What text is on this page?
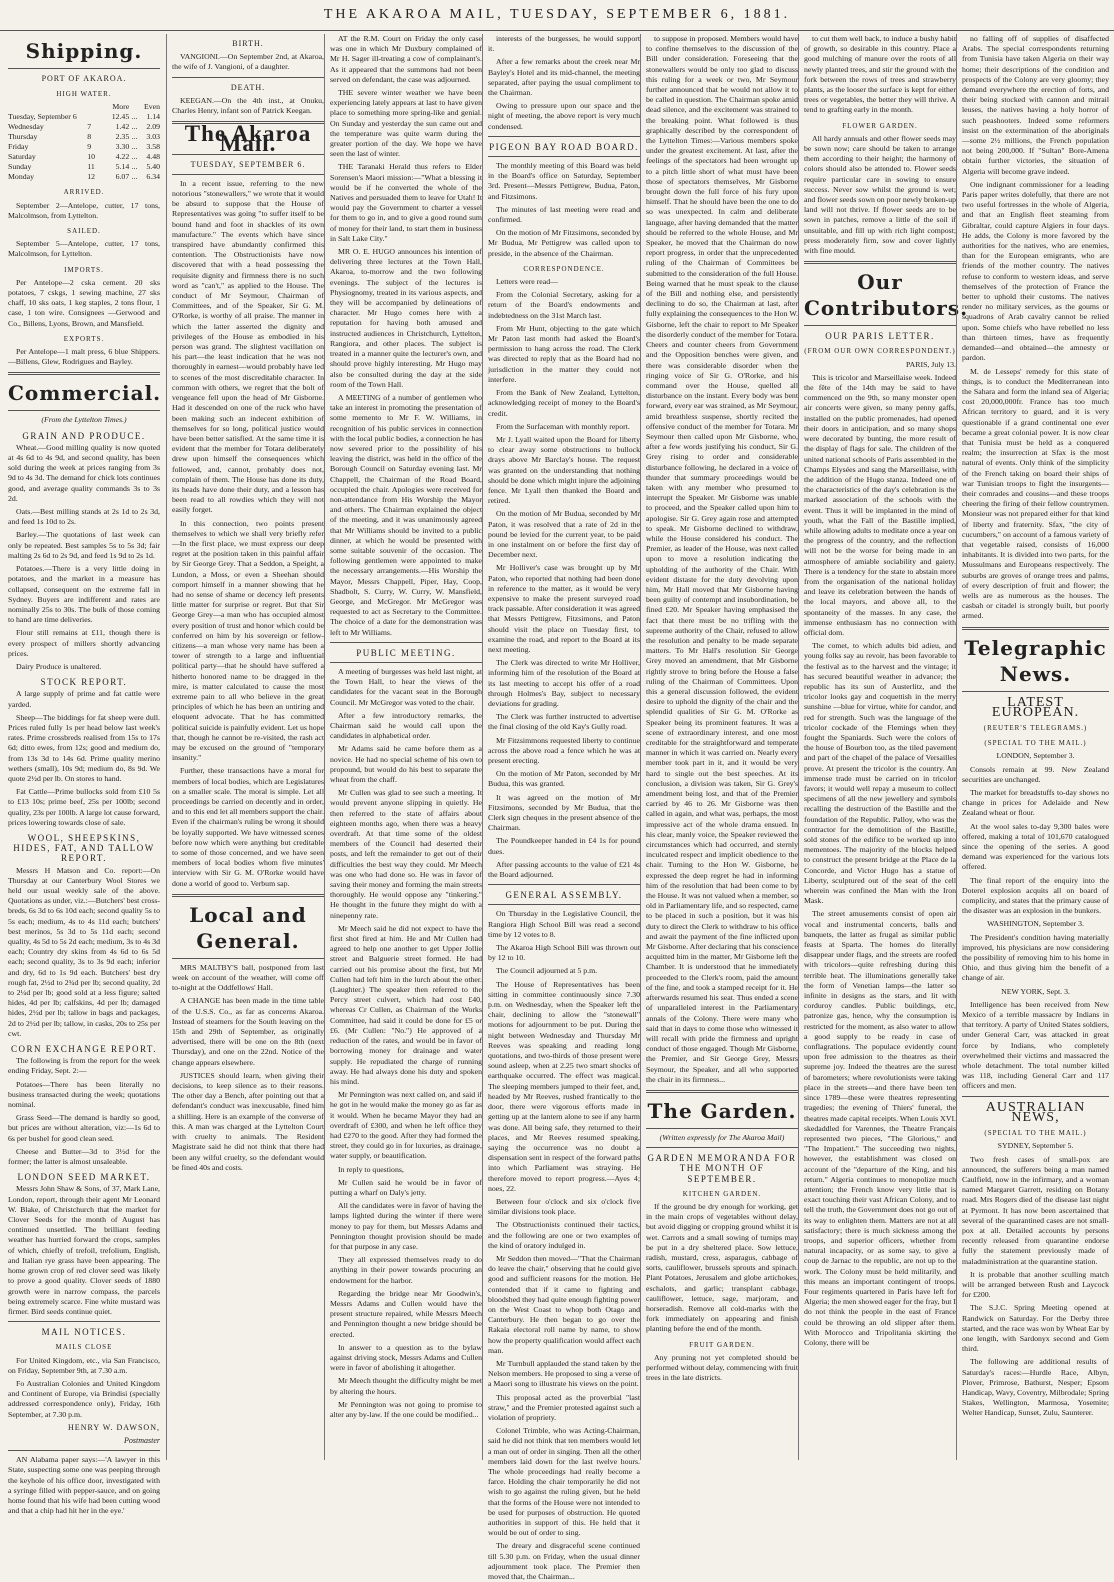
THE AKAROA MAIL, TUESDAY, SEPTEMBER 6, 1881.
Shipping.
PORT OF AKAROA.
HIGH WATER.
		More		Even
Tuesday, September 6		12.45	...	1.14
Wednesday	7	1.42	...	2.09
Thursday	8	2.35	...	3.03
Friday	9	3.30	...	3.58
Saturday	10	4.22	...	4.48
Sunday	11	5.14	...	5.40
Monday	12	6.07	...	6.34
ARRIVED.

September 2—Antelope, cutter, 17 tons, Malcolmson, from Lyttelton.

SAILED.

September 5—Antelope, cutter, 17 tons, Malcolmson, for Lyttelton.

IMPORTS.

Per Antelope—2 cska cement. 20 sks potatoes, 7 cskgs, 1 sewing machine, 27 sks chaff, 10 sks oats, 1 keg staples, 2 tons flour, 1 case, 1 ton wire. Consignees —Gerwood and Co., Billens, Lyons, Brown, and Mansfield.

EXPORTS.

Per Antelope—1 malt press, 6 blue Shippers.—Billens, Glew, Rodrigues and Bayley.

Commercial.
(From the Lyttelton Times.)
GRAIN AND PRODUCE.

Wheat.—Good milling quality is now quoted at 4s 6d to 4s 9d, and second quality, has been sold during the week at prices ranging from 3s 9d to 4s 3d. The demand for chick lots continues good, and average quality commands 3s to 3s 2d.

Oats.—Best milling stands at 2s 1d to 2s 3d, and feed 1s 10d to 2s.

Barley.—The quotations of last week can only be repeated. Best samples 5s to 5s 3d; fair malting 2s 6d to 2s 9d, and feed 1s 9d to 2s 1d.

Potatoes.—There is a very little doing in potatoes, and the market in a measure has collapsed, consequent on the extreme fall in Sydney. Buyers are indifferent and rates are nominally 25s to 30s. The bulk of those coming to hand are time deliveries.

Flour still remains at £11, though there is every prospect of millers shortly advancing prices.

Dairy Produce is unaltered.

STOCK REPORT.

A large supply of prime and fat cattle were yarded.

Sheep—The biddings for fat sheep were dull. Prices ruled fully 1s per head below last week's rates. Prime crossbreds realised from 15s to 17s 6d; ditto ewes, from 12s; good and medium do, from 13s 3d to 14s 6d. Prime quality merino wethers (small), 10s 9d; medium do, 8s 9d. We quote 2½d per lb. On stores to hand.

Fat Cattle—Prime bullocks sold from £10 5s to £13 10s; prime beef, 25s per 100lb; second quality, 23s per 100lb. A large lot cause forward, prices lowering towards close of sale.

WOOL, SHEEPSKINS, HIDES, FAT, AND TALLOW REPORT.

Messrs H Matson and Co. report:—On Thursday at our Canterbury Wool Stores we held our usual weekly sale of the above. Quotations as under, viz.:—Butchers' best cross-breds, 6s 3d to 6s 10d each; second quality 5s to 5s each; medium, 4s to 4s 11d each; butchers' best merinos, 5s 3d to 5s 11d each; second quality, 4s 5d to 5s 2d each; medium, 3s to 4s 3d each; Country dry skins from 4s 6d to 6s 5d each; second quality, 3s to 3s 9d each; inferior and dry, 6d to 1s 9d each. Butchers' best dry rough fat, 2½d to 2¾d per lb; second quality, 2d to 2¼d per lb; good sold at a less figure; salted hides, 4d per lb; calfskins, 4d per lb; damaged hides, 2½d per lb; tallow in bags and packages, 2d to 2½d per lb; tallow, in casks, 20s to 25s per cwt.

CORN EXCHANGE REPORT.

The following is from the report for the week ending Friday, Sept. 2:—

Potatoes—There has been literally no business transacted during the week; quotations nominal.

Grass Seed—The demand is hardly so good, but prices are without alteration, viz:—1s 6d to 6s per bushel for good clean seed.

Cheese and Butter—3d to 3½d for the former; the latter is almost unsaleable.

LONDON SEED MARKET.

Messrs John Shaw & Sons, of 37, Mark Lane, London, report, through their agent Mr Leonard W. Blake, of Christchurch that the market for Clover Seeds for the month of August has continued unsettled. The brilliant feeding weather has hurried forward the crops, samples of which, chiefly of trefoil, trefolium, English, and Italian rye grass have been appearing. The home grown crop of red clover seed was likely to prove a good quality. Clover seeds of 1880 growth were in narrow compass, the parcels being extremely scarce. Fine white mustard was firmer. Bird seeds continue quiet.

MAIL NOTICES.
MAILS CLOSE

For United Kingdom, etc., via San Francisco, on Friday, September 9th, at 7.30 a.m.

Fo Australian Colonies and United Kingdom and Continent of Europe, via Brindisi (specially addressed correspondence only), Friday, 16th September, at 7.30 p.m.

HENRY W. DAWSON,
Postmaster

AN Alabama paper says:—'A lawyer in this State, suspecting some one was peeping through the keyhole of his office door, investigated with a syringe filled with pepper-sauce, and on going home found that his wife had been cutting wood and that a chip had hit her in the eye.'

BIRTH.

VANGIONI.—On September 2nd, at Akaroa, the wife of J. Vangioni, of a daughter.

DEATH.

KEEGAN.—On the 4th inst., at Onuku, Charles Henry, infant son of Patrick Keegan.

The Akaroa Mail.
TUESDAY, SEPTEMBER 6.

In a recent issue, referring to the new notorious "stonewallers," we wrote that it would be absurd to suppose that the House of Representatives was going "to suffer itself to be bound hand and foot in shackles of its own manufacture." The events which have since transpired have abundantly confirmed this contention. The Obstructionists have now discovered that with a head possessing the requisite dignity and firmness there is no such word as "can't," as applied to the House. The conduct of Mr Seymour, Chairman of Committees, and of the Speaker, Sir G. M. O'Rorke, is worthy of all praise. The manner in which the latter asserted the dignity and privileges of the House as embodied in his person was grand. The slightest vacillation on his part—the least indication that he was not thoroughly in earnest—would probably have led to scenes of the most discreditable character. In common with others, we regret that the bolt of vengeance fell upon the head of Mr Gisborne. Had it descended on one of the ruck who have been making such an indecent exhibition of themselves for so long, political justice would have been better satisfied. At the same time it is evident that the member for Totara deliberately drew upon himself the consequences which followed, and, cannot, probably does not, complain of them. The House has done its duty, its heads have done their duty, and a lesson has been read to all rowdies which they will not easily forget.

In this connection, two points present themselves to which we shall very briefly refer—In the first place, we must express our deep regret at the position taken in this painful affair by Sir George Grey. That a Seddon, a Speight, a Lundon, a Moss, or even a Sheehan should comport himself in a manner showing that he had no sense of shame or decency left presents little matter for surprise or regret. But that Sir George Grey—a man who has occupied almost every position of trust and honor which could be conferred on him by his sovereign or fellow-citizens—a man whose very name has been a tower of strength to a large and influential political party—that he should have suffered a hitherto honored name to be dragged in the mire, is matter calculated to cause the most extreme pain to all who believe in the great principles of which he has been an untiring and eloquent advocate. That he has committed political suicide is painfully evident. Let us hope that, though he cannot be re-visited, the rash act may be excused on the ground of "temporary insanity."

Further, these transactions have a moral for members of local bodies, which are Legislatures on a smaller scale. The moral is simple. Let all proceedings be carried on decently and in order, and to this end let all members support the chair. Even if the chairman's ruling be wrong it should be loyally supported. We have witnessed scenes before now which were anything but creditable to some of those concerned, and we have seen members of local bodies whom five minutes' interview with Sir G. M. O'Rorke would have done a world of good to. Verbum sap.

Local and General.

MRS MALTBY'S ball, postponed from last week on account of the weather, will come off to-night at the Oddfellows' Hall.

A CHANGE has been made in the time table of the U.S.S. Co., as far as concerns Akaroa. Instead of steamers for the South leaving on the 15th and 29th of September, as originally advertised, there will be one on the 8th (next Thursday), and one on the 22nd. Notice of the change appears elsewhere.

JUSTICES should learn, when giving their decisions, to keep silence as to their reasons. The other day a Bench, after pointing out that a defendant's conduct was inexcusable, fined him a shilling. Here is an example of the converse of this. A man was charged at the Lyttelton Court with cruelty to animals. The Resident Magistrate said he did not think that there had been any wilful cruelty, so the defendant would be fined 40s and costs.

AT the R.M. Court on Friday the only case was one in which Mr Duxbury complained of Mr H. Sager ill-treating a cow of complainant's. As it appeared that the summons had not been served on defendant, the case was adjourned.

THE severe winter weather we have been experiencing lately appears at last to have given place to something more spring-like and genial. On Sunday and yesterday the sun came out and the temperature was quite warm during the greater portion of the day. We hope we have seen the last of winter.

THE Taranaki Herald thus refers to Elder Sorensen's Maori mission:—"What a blessing it would be if he converted the whole of the Natives and persuaded them to leave for Utah! It would pay the Government to charter a vessel for them to go in, and to give a good round sum of money for their land, to start them in business in Salt Lake City."

MR O. E. HUGO announces his intention of delivering three lectures at the Town Hall, Akaroa, to-morrow and the two following evenings. The subject of the lectures is Physiognomy, treated in its various aspects, and they will be accompanied by delineations of character. Mr Hugo comes here with a reputation for having both amused and instructed audiences in Christchurch, Lyttelton, Rangiora, and other places. The subject is treated in a manner quite the lecturer's own, and should prove highly interesting. Mr Hugo may also be consulted during the day at the side room of the Town Hall.

A MEETING of a number of gentlemen who take an interest in promoting the presentation of some memento to Mr F. W. Williams, in recognition of his public services in connection with the local public bodies, a connection he has now severed prior to the possibility of his leaving the district, was held in the office of the Borough Council on Saturday evening last. Mr Chappell, the Chairman of the Road Board, occupied the chair. Apologies were received for non-attendance from His Worship the Mayor and others. The Chairman explained the object of the meeting, and it was unanimously agreed that Mr Williams should be invited to a public dinner, at which he would be presented with some suitable souvenir of the occasion. The following gentlemen were appointed to make the necessary arrangements.—His Worship the Mayor, Messrs Chappell, Piper, Hay, Coop, Shadbolt, S. Curry, W. Curry, W. Mansfield, George, and McGregor. Mr McGregor was requested to act as Secretary to the Committee. The choice of a date for the demonstration was left to Mr Williams.

PUBLIC MEETING.

A meeting of burgesses was held last night, at the Town Hall, to hear the views of the candidates for the vacant seat in the Borough Council. Mr McGregor was voted to the chair.

After a few introductory remarks, the Chairman said he would call upon the candidates in alphabetical order.

Mr Adams said he came before them as a novice. He had no special scheme of his own to propound, but would do his best to separate the wheat from the chaff.

Mr Cullen was glad to see such a meeting. It would prevent anyone slipping in quietly. He then referred to the state of affairs about eighteen months ago, when there was a heavy overdraft. At that time some of the oldest members of the Council had deserted their posts, and left the remainder to get out of their difficulties the best way they could. Mr Meech was one who had done so. He was in favor of saving their money and forming the main streets thoroughly. He would oppose any "tinkering." He thought in the future they might do with a ninepenny rate.

Mr Meech said he did not expect to have the first shot fired at him. He and Mr Cullen had agreed to help one another to get Upper Jollie street and Balguerie street formed. He had carried out his promise about the first, but Mr Cullen had left him in the lurch about the other. (Laughter.) The speaker then referred to the Percy street culvert, which had cost £40, whereas Cr Cullen, as Chairman of the Works Committee, had said it could be done for £5 or £6. (Mr Cullen: "No.") He approved of a reduction of the rates, and would be in favor of borrowing money for drainage and water supply. He repudiated the charge of running away. He had always done his duty and spoken his mind.

Mr Pennington was next called on, and said if he got in he would make the money go as far as it would. When he became Mayor they had an overdraft of £300, and when he left office they had £270 to the good. After they had formed the street, they could go in for luxuries, as drainage, water supply, or beautification.

In reply to questions,

Mr Cullen said he would be in favor of putting a wharf on Daly's jetty.

All the candidates were in favor of having the lamps lighted during the winter if there were money to pay for them, but Messrs Adams and Pennington thought provision should be made for that purpose in any case.

They all expressed themselves ready to do anything in their power towards procuring an endowment for the harbor.

Regarding the bridge near Mr Goodwin's, Messrs Adams and Cullen would have the present structure repaired, while Messrs Meech and Pennington thought a new bridge should be erected.

In answer to a question as to the bylaw against driving stock, Messrs Adams and Cullen were in favor of abolishing it altogether.

Mr Meech thought the difficulty might be met by altering the hours.

Mr Pennington was not going to promise to alter any by-law. If the one could be modified...

interests of the burgesses, he would support it.

After a few remarks about the creek near Mr Bayley's Hotel and its mid-channel, the meeting separated, after paying the usual compliment to the Chairman.

Owing to pressure upon our space and the night of meeting, the above report is very much condensed.

PIGEON BAY ROAD BOARD.

The monthly meeting of this Board was held in the Board's office on Saturday, September 3rd. Present—Messrs Pettigrew, Budua, Paton, and Fitzsimons.

The minutes of last meeting were read and confirmed.

On the motion of Mr Fitzsimons, seconded by Mr Budua, Mr Pettigrew was called upon to preside, in the absence of the Chairman.

CORRESPONDENCE.

Letters were read—

From the Colonial Secretary, asking for a return of the Board's endowments and indebtedness on the 31st March last.

From Mr Hunt, objecting to the gate which Mr Paton last month had asked the Board's permission to hang across the road. The Clerk was directed to reply that as the Board had no jurisdiction in the matter they could not interfere.

From the Bank of New Zealand, Lyttelton, acknowledging receipt of money to the Board's credit.

From the Surfaceman with monthly report.

Mr J. Lyall waited upon the Board for liberty to clear away some obstructions to bullock drays above Mr Barclay's house. The request was granted on the understanding that nothing should be done which might injure the adjoining fence. Mr Lyall then thanked the Board and retired.

On the motion of Mr Budua, seconded by Mr Paton, it was resolved that a rate of 2d in the pound be levied for the current year, to be paid in one instalment on or before the first day of December next.

Mr Holliver's case was brought up by Mr Paton, who reported that nothing had been done in reference to the matter, as it would be very expensive to make the present surveyed road track passable. After consideration it was agreed that Messrs Pettigrew, Fitzsimons, and Paton should visit the place on Tuesday first, to examine the road, and report to the Board at its next meeting.

The Clerk was directed to write Mr Holliver, informing him of the resolution of the Board at its last meeting to accept his offer of a road through Holmes's Bay, subject to necessary deviations for grading.

The Clerk was further instructed to advertise the final closing of the old Kay's Gully road.

Mr Fitzsimmons requested liberty to continue across the above road a fence which he was at present erecting.

On the motion of Mr Paton, seconded by Mr Budua, this was granted.

It was agreed on the motion of Mr Fitzsimons, seconded by Mr Budua, that the Clerk sign cheques in the present absence of the Chairman.

The Poundkeeper handed in £4 1s for pound dues.

After passing accounts to the value of £21 4s the Board adjourned.

GENERAL ASSEMBLY.

On Thursday in the Legislative Council, the Rangiora High School Bill was read a second time by 12 votes to 8.

The Akaroa High School Bill was thrown out by 12 to 10.

The Council adjourned at 5 p.m.

The House of Representatives has been sitting in committee continuously since 7.30 p.m. on Wednesday, when the Speaker left the chair, declining to allow the "stonewall" motions for adjournment to be put. During the night between Wednesday and Thursday Mr Reeves was speaking and reading long quotations, and two-thirds of those present were sound asleep, when at 2.25 two smart shocks of earthquake occurred. The effect was magical. The sleeping members jumped to their feet, and, headed by Mr Reeves, rushed frantically to the door, there were vigorous efforts made in getting up at the lantern alone to see if any harm was done. All being safe, they returned to their places, and Mr Reeves resumed speaking, saying the occurrence was no doubt a dispensation sent in respect of the forward paths into which Parliament was straying. He therefore moved to report progress.—Ayes 4; noes, 22.

Between four o'clock and six o'clock five similar divisions took place.

The Obstructionists continued their tactics, and the following are one or two examples of the kind of oratory indulged in.

Mr Seddon then moved—"That the Chairman do leave the chair," observing that he could give good and sufficient reasons for the motion. He contended that if it came to fighting and bloodshed they had quite enough fighting power on the West Coast to whop both Otago and Canterbury. He then began to go over the Rakaia electoral roll name by name, to show how the property qualification would affect each man.

Mr Turnbull applauded the stand taken by the Nelson members. He proposed to sing a verse of a Maori song to illustrate his views on the point.

This proposal acted as the proverbial "last straw," and the Premier protested against such a violation of propriety.

Colonel Trimble, who was Acting-Chairman, said he did not think that ten members would let a man out of order in singing. Then all the other members laid down for the last twelve hours. The whole proceedings had really become a farce. Holding the chair temporarily he did not wish to go against the ruling given, but he held that the forms of the House were not intended to be used for purposes of obstruction. He quoted authorities in support of this. He held that it would be out of order to sing.

The dreary and disgraceful scene continued till 5.30 p.m. on Friday, when the usual dinner adjournment took place. The Premier then moved that, the Chairman...

to suppose in proposed. Members would have to confine themselves to the discussion of the Bill under consideration. Foreseeing that the stonewallers would be only too glad to discuss this ruling for a week or two, Mr Seymour further announced that he would not allow it to be called in question. The Chairman spoke amid dead silence, and the excitement was strained to the breaking point. What followed is thus graphically described by the correspondent of the Lyttelton Times:—Various members spoke under the greatest excitement. At last, after the feelings of the spectators had been wrought up to a pitch little short of what must have been those of spectators themselves, Mr Gisborne brought down the full force of his fury upon himself. That he should have been the one to do so was unexpected. In calm and deliberate language, after having demanded that the matter should be referred to the whole House, and Mr Speaker, he moved that the Chairman do now report progress, in order that the unprecedented ruling of the Chairman of Committees be submitted to the consideration of the full House. Being warned that he must speak to the clause of the Bill and nothing else, and persistently declining to do so, the Chairman at last, after fully explaining the consequences to the Hon W. Gisborne, left the chair to report to Mr Speaker the disorderly conduct of the member for Totara. Cheers and counter cheers from Government and the Opposition benches were given, and there was considerable disorder when the ringing voice of Sir G. O'Rorke, and his command over the House, quelled all disturbance on the instant. Every body was bent forward, every ear was strained, as Mr Seymour, amid breathless suspense, shortly recited the offensive conduct of the member for Totara. Mr Seymour then called upon Mr Gisborne, who, after a few words justifying his conduct, Sir G. Grey rising to order and considerable disturbance following, he declared in a voice of thunder that summary proceedings would be taken with any member who presumed to interrupt the Speaker. Mr Gisborne was unable to proceed, and the Speaker called upon him to apologise. Sir G. Grey again rose and attempted to speak. Mr Gisborne declined to withdraw, while the House considered his conduct. The Premier, as leader of the House, was next called upon to move a resolution indicating the upholding of the authority of the Chair. With evident distaste for the duty devolving upon him, Mr Hall moved that Mr Gisborne having been guilty of contempt and insubordination, be fined £20. Mr Speaker having emphasised the fact that there must be no trifling with the supreme authority of the Chair, refused to allow the resolution and penalty to be made separate matters. To Mr Hall's resolution Sir George Grey moved an amendment, that Mr Gisborne rightly strove to bring before the House a false ruling of the Chairman of Committees. Upon this a general discussion followed, the evident desire to uphold the dignity of the chair and the splendid qualities of Sir G. M. O'Rorke as Speaker being its prominent features. It was a scene of extraordinary interest, and one most creditable for the straightforward and temperate manner in which it was carried on. Nearly every member took part in it, and it would be very hard to single out the best speeches. At its conclusion, a division was taken, Sir G. Grey's amendment being lost, and that of the Premier carried by 46 to 26. Mr Gisborne was then called in again, and what was, perhaps, the most impressive act of the whole drama ensued. In his clear, manly voice, the Speaker reviewed the circumstances which had occurred, and sternly inculcated respect and implicit obedience to the chair. Turning to the Hon W. Gisborne, he expressed the deep regret he had in informing him of the resolution that had been come to by the House. It was not valued when a member, so old in Parliamentary life, and so respected, came to be placed in such a position, but it was his duty to direct the Clerk to withdraw to his office and await the payment of the fine inflicted upon Mr Gisborne. After declaring that his conscience acquitted him in the matter, Mr Gisborne left the Chamber. It is understood that he immediately proceeded to the Clerk's room, paid the amount of the fine, and took a stamped receipt for it. He afterwards resumed his seat. Thus ended a scene of unparalleled interest in the Parliamentary annals of the Colony. There were many who said that in days to come those who witnessed it will recall with pride the firmness and upright conduct of those engaged. Though Mr Gisborne, the Premier, and Sir George Grey, Messrs Seymour, the Speaker, and all who supported the chair in its firmness...

The Garden.
(Written expressly for The Akaroa Mail)
GARDEN MEMORANDA FOR THE MONTH OF SEPTEMBER.
KITCHEN GARDEN.

If the ground be dry enough for working, get in the main crops of vegetables without delay, but avoid digging or cropping ground whilst it is wet. Carrots and a small sowing of turnips may be put in a dry sheltered place. Sow lettuce, radish, mustard, cress, asparagus, cabbage of sorts, cauliflower, brussels sprouts and spinach. Plant Potatoes, Jerusalem and globe artichokes, eschalots, and garlic; transplant cabbage, cauliflower, lettuce, sage, marjoram, and horseradish. Remove all cold-marks with the fork immediately on appearing and finish planting before the end of the month.

FRUIT GARDEN.

Any pruning not yet completed should be performed without delay, commencing with fruit trees in the late districts.

to cut them well back, to induce a bushy habit of growth, so desirable in this country. Place a good mulching of manure over the roots of all newly planted trees, and stir the ground with the fork between the rows of trees and strawberry plants, as the looser the surface is kept for either trees or vegetables, the better they will thrive. A tend to grafting early in the month.

FLOWER GARDEN.

All hardy annuals and other flower seeds may be sown now; care should be taken to arrange them according to their height; the harmony of colors should also be attended to. Flower seeds require particular care in sowing to ensure success. Never sow whilst the ground is wet; and flower seeds sown on poor newly broken-up land will not thrive. If flower seeds are to be sown in patches, remove a little of the soil if unsuitable, and fill up with rich light compost; press moderately firm, sow and cover lightly with fine mould.

Our Contributors.
OUR PARIS LETTER.
(FROM OUR OWN CORRESPONDENT.)
PARIS, July 13.

This is tricolor and Marseillaise week. Indeed the fête of the 14th may be said to have commenced on the 9th, so many monster open air concerts were given, so many penny gaffs, installed on the public promenades, had opened their doors in anticipation, and so many shops were decorated by bunting, the more result of the display of flags for sale. The children of the united national schools of Paris assembled in the Champs Elysées and sang the Marseillaise, with the addition of the Hugo stanza. Indeed one of the characteristics of the day's celebration is the marked association of the schools with the event. Thus it will be implanted in the mind of youth, what the Fall of the Bastille implied, while allowing adults to meditate once a year on the progress of the country, and the reflection will not be the worse for being made in an atmosphere of amiable sociability and gaiety. There is a tendency for the state to abstain more from the organisation of the national holiday and leave its celebration between the hands of the local mayors, and above all, to the spontaneity of the masses. In any case, the immense enthusiasm has no connection with official dom.

The comet, to which adults bid adieu, and young folks say au revoir, has been favorable to the festival as to the harvest and the vintage; it has secured beautiful weather in advance; the republic has its sun of Austerlitz, and the tricolor looks gay and coquettish in the merry sunshine —blue for virtue, white for candor, and red for strength. Such was the language of the tricolor cockade of the Flemings when they fought the Spaniards. Such were the colors of the house of Bourbon too, as the tiled pavement and part of the chapel of the palace of Versailles prove. At present the tricolor is the country. An immense trade must be carried on in tricolor favors; it would well repay a museum to collect specimens of all the new jewellery and symbols recalling the destruction of the Bastille and the foundation of the Republic. Palloy, who was the contractor for the demolition of the Bastille, sold stones of the edifice to be worked up into mementoes. The majority of the blocks helped to construct the present bridge at the Place de la Concorde, and Victor Hugo has a statue of Liberty, sculptured out of the seat of the cell wherein was confined the Man with the Iron Mask.

The street amusements consist of open air vocal and instrumental concerts, balls and banquets, the latter as frugal as similar public feasts at Sparta. The homes do literally disappear under flags, and the streets are roofed with tricolors—quite refreshing during this terrible heat. The illuminations generally take the form of Venetian lamps—the latter so infinite in designs as the stars, and lit with corduroy candles. Public buildings, etc, patronize gas, hence, why the consumption is restricted for the moment, as also water to allow a good supply to be ready in case of conflagrations. The populace evidently count upon free admission to the theatres as their supreme joy. Indeed the theatres are the surest of barometers; where revolutionists were taking place in the streets—and there have been ten since 1789—these were theatres representing tragedies; the evening of Thiers' funeral, the theatres made capital receipts. When Louis XVI. skedaddled for Varennes, the Theatre Français represented two pieces, "The Glorious," and "The Impatient." The succeeding two nights, however, the establishment was closed on account of the "departure of the King, and his return." Algeria continues to monopolize much attention; the French know very little that is exact touching their vast African Colony, and to tell the truth, the Government does not go out of its way to enlighten them. Matters are not at all satisfactory; there is much sickness among the troops, and superior officers, whether from natural incapacity, or as some say, to give a coup de Jarnac to the republic, are not up to the work. The Colony must be held militarily, and this means an important contingent of troops. Four regiments quartered in Paris have left for Algeria; the men showed eager for the fray, but I do not think the people in the east of France could be throwing an old slipper after them. With Morocco and Tripolitania skirting the Colony, there will be

no falling off of supplies of disaffected Arabs. The special correspondents returning from Tunisia have taken Algeria on their way home; their descriptions of the condition and prospects of the Colony are very gloomy; they demand everywhere the erection of forts, and their being stocked with cannon and mitrail leuses, the natives having a holy horror of such peashooters. Indeed some reformers insist on the extermination of the aboriginals—some 2½ millions, the French population not being 200,000. If "Sultan" Bore-Amena obtain further victories, the situation of Algeria will become grave indeed.

One indignant commissioner for a leading Paris paper writes dolefully, that there are not two useful fortresses in the whole of Algeria, and that an English fleet steaming from Gibraltar, could capture Algiers in four days. He adds, the Colony is more favored by the authorities for the natives, who are enemies, than for the European emigrants, who are friends of the mother country. The natives refuse to conform to western ideas, and serve themselves of the protection of France the better to uphold their customs. The natives render no military services, as the goums or squadrons of Arab cavalry cannot be relied upon. Some chiefs who have rebelled no less than thirteen times, have as frequently demanded—and obtained—the amnesty or pardon.

M. de Lesseps' remedy for this state of things, is to conduct the Mediterranean into the Sahara and form the inland sea of Algeria; cost 20,000,000fr. France has too much African territory to guard, and it is very questionable if a grand continental one ever became a great colonial power. It is now clear that Tunisia must be held as a conquered realm; the insurrection at Sfax is the most natural of events. Only think of the simplicity of the French taking on board their ships of war Tunisian troops to fight the insurgents—their comrades and cousins—and these troops cheering the firing of their fellow countrymen. Monsieur was not prepared either for that kind of liberty and fraternity. Sfax, "the city of cucumbers," on account of a famous variety of that vegetable raised, consists of 16,000 inhabitants. It is divided into two parts, for the Mussulmans and Europeans respectively. The suburbs are groves of orange trees and palms, of every description of fruit and flower; the wells are as numerous as the houses. The casbah or citadel is strongly built, but poorly armed.

Telegraphic News.
LATEST EUROPEAN.
(REUTER'S TELEGRAMS.)
(SPECIAL TO THE MAIL.)

LONDON, September 3.

Consols remain at 99. New Zealand securities are unchanged.

The market for breadstuffs to-day shows no change in prices for Adelaide and New Zealand wheat or flour.

At the wool sales to-day 9,300 bales were offered, making a total of 101,670 catalogued since the opening of the series. A good demand was experienced for the various lots offered.

The final report of the enquiry into the Doterel explosion acquits all on board of complicity, and states that the primary cause of the disaster was an explosion in the bunkers.

WASHINGTON, September 3.

The President's condition having materially improved, his physicians are now considering the possibility of removing him to his home in Ohio, and thus giving him the benefit of a change of air.

NEW YORK, Sept. 3.

Intelligence has been received from New Mexico of a terrible massacre by Indians in that territory. A party of United States soldiers, under General Carr, was attacked in great force by Indians, who completely overwhelmed their victims and massacred the whole detachment. The total number killed was 118, including General Carr and 117 officers and men.

AUSTRALIAN NEWS,
(SPECIAL TO THE MAIL.)

SYDNEY, September 5.

Two fresh cases of small-pox are announced, the sufferers being a man named Caulfield, now in the infirmary, and a woman named Margaret Garrett, residing on Botany road. Mrs Rogers died of the disease last night at Pyrmont. It has now been ascertained that several of the quarantined cases are not small-pox at all. Detailed accounts by persons recently released from quarantine endorse fully the statement previously made of maladministration at the quarantine station.

It is probable that another sculling match will be arranged between Rush and Laycock for £200.

The S.J.C. Spring Meeting opened at Randwick on Saturday. For the Derby three started, and the race was won by Wheat Ear by one length, with Sardonyx second and Gem third.

The following are additional results of Saturday's races:—Hurdle Race, Albyn, Plover, Primrose, Bathurst, Nesper; Epsom Handicap, Wavy, Coventry, Milbrodale; Spring Stakes, Wellington, Marmosa, Yosemite; Welter Handicap, Sunset, Zulu, Saunterer.
